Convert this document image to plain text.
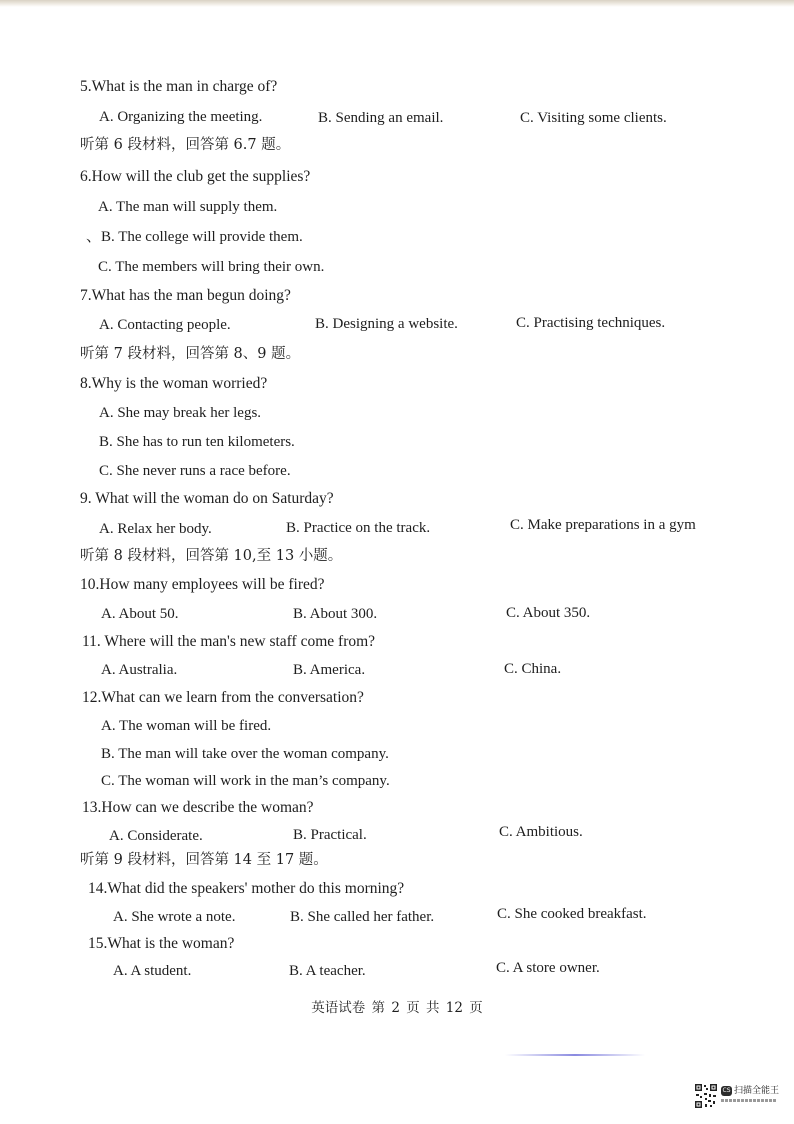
5.What is the man in charge of?
A. Organizing the meeting.	B. Sending an email.	C. Visiting some clients.
听第 6 段材料，回答第 6.7 题。
6.How will the club get the supplies?
A. The man will supply them.
、B. The college will provide them.
C. The members will bring their own.
7.What has the man begun doing?
A. Contacting people.	B. Designing a website.	C. Practising techniques.
听第 7 段材料，回答第 8、9 题。
8.Why is the woman worried?
A. She may break her legs.
B. She has to run ten kilometers.
C. She never runs a race before.
9. What will the woman do on Saturday?
A. Relax her body.	B. Practice on the track.	C. Make preparations in a gym
听第 8 段材料，回答第 10,至 13 小题。
10.How many employees will be fired?
A. About 50.	B. About 300.	C. About 350.
11. Where will the man's new staff come from?
A. Australia.	B. America.	C. China.
12.What can we learn from the conversation?
A. The woman will be fired.
B. The man will take over the woman company.
C. The woman will work in the man’s company.
13.How can we describe the woman?
A. Considerate.	B. Practical.	C. Ambitious.
听第 9 段材料，回答第 14 至 17 题。
14.What did the speakers' mother do this morning?
A. She wrote a note.	B. She called her father.	C. She cooked breakfast.
15.What is the woman?
A. A student.	B. A teacher.	C. A store owner.
英语试卷 第 2 页 共 12 页
CS 扫描全能王
